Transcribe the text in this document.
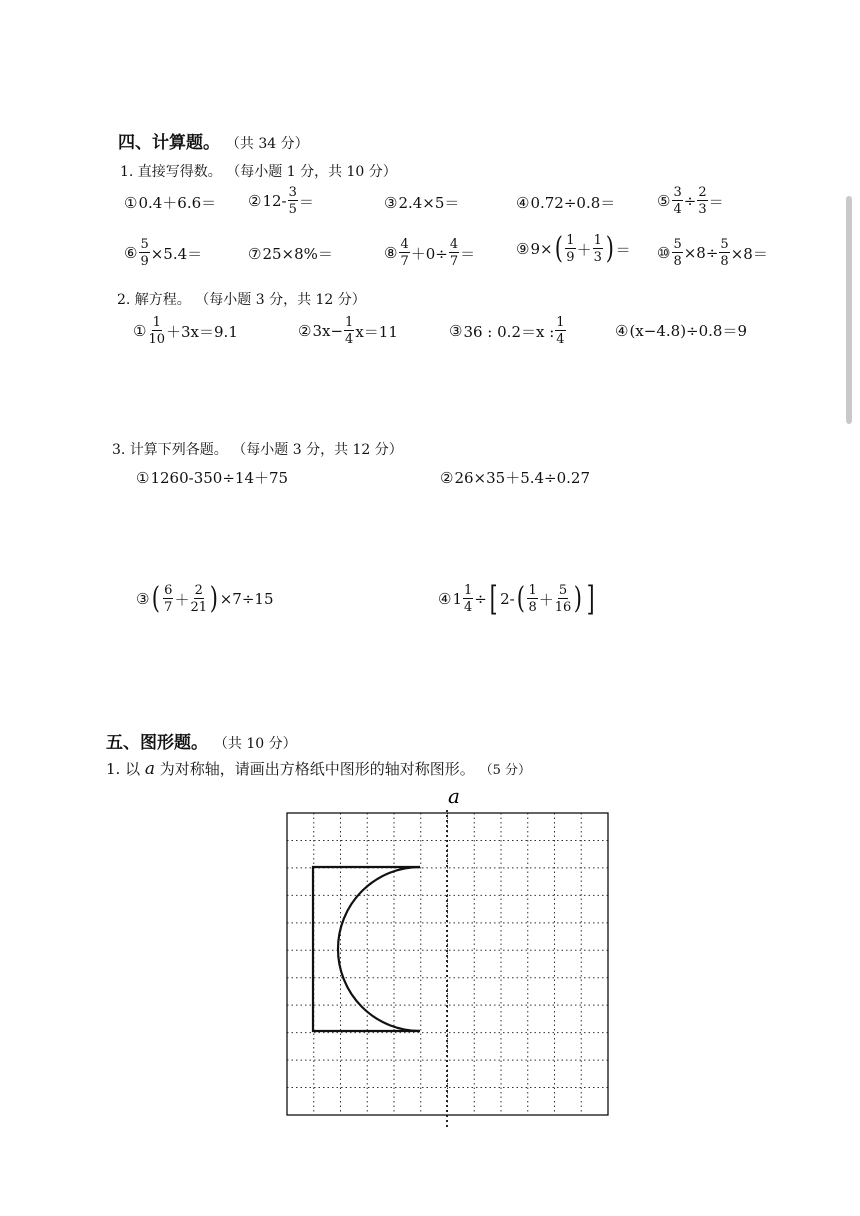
四、计算题。 （共 34 分）
1. 直接写得数。 （每小题 1 分，共 10 分）
① 0.4＋6.6＝ ② $12- \frac{3}{5}$ ＝	③ 2.4×5＝	④ 0.72÷0.8＝	⑤ $\frac{3}{4} \div \frac{2}{3}$ ＝
⑥ $\frac{5}{9} \times 5.4=$	⑦ 25×8%＝	⑧ $\frac{4}{7} +0\div \frac{4}{7}$ ＝	⑨ 9× ( $\frac{1}{9} + \frac{1}{3}$ ) ＝ ⑩ $\frac{5}{8} \times 8\div \frac{5}{8} \times 8=$
2. 解方程。 （每小题 3 分，共 12 分）
① $\frac{1}{10} +3x=9.1$	② $3x- \frac{1}{4} x=11$	③ 36 : 0.2＝x : $\frac{1}{4}$	④ (x−4.8)÷0.8＝9
3. 计算下列各题。 （每小题 3 分，共 12 分）
① 1260-350÷14＋75	② 26×35＋5.4÷0.27
③ ( $\frac{6}{7} + \frac{2}{21}$ ) ×7÷15	④ $1 \frac{1}{4}$ ÷ [ 2- ( $\frac{1}{8} + \frac{5}{16}$ ) ]
五、图形题。 （共 10 分）
1. 以 a 为对称轴，请画出方格纸中图形的轴对称图形。 （5 分）
a
